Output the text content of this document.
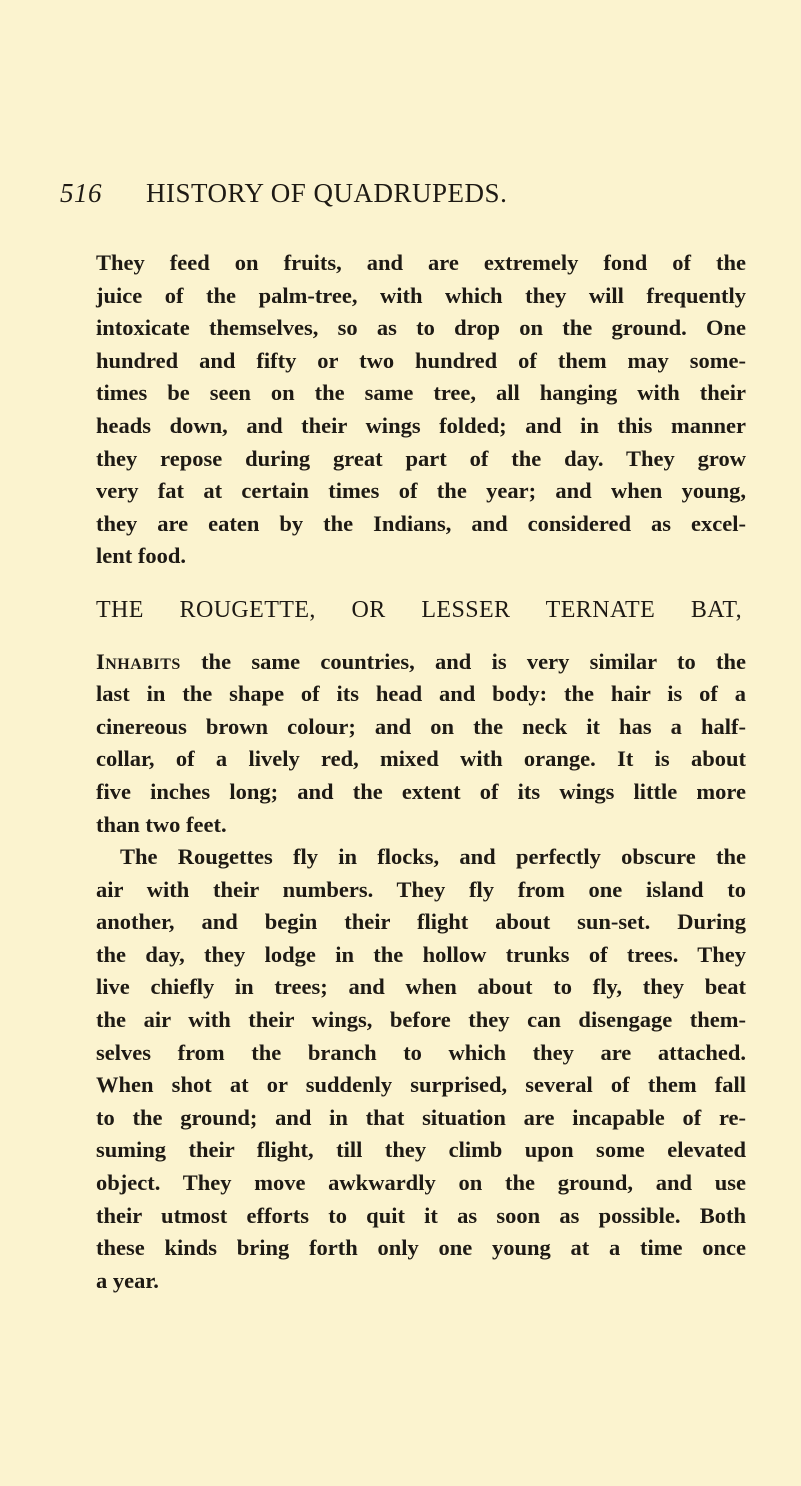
516 HISTORY OF QUADRUPEDS.
They feed on fruits, and are extremely fond of the
juice of the palm-tree, with which they will frequently
intoxicate themselves, so as to drop on the ground. One
hundred and fifty or two hundred of them may some-
times be seen on the same tree, all hanging with their
heads down, and their wings folded; and in this manner
they repose during great part of the day. They grow
very fat at certain times of the year; and when young,
they are eaten by the Indians, and considered as excel-
lent food.
THE ROUGETTE, OR LESSER TERNATE BAT,
Inhabits the same countries, and is very similar to the
last in the shape of its head and body: the hair is of a
cinereous brown colour; and on the neck it has a half-
collar, of a lively red, mixed with orange. It is about
five inches long; and the extent of its wings little more
than two feet.
The Rougettes fly in flocks, and perfectly obscure the
air with their numbers. They fly from one island to
another, and begin their flight about sun-set. During
the day, they lodge in the hollow trunks of trees. They
live chiefly in trees; and when about to fly, they beat
the air with their wings, before they can disengage them-
selves from the branch to which they are attached.
When shot at or suddenly surprised, several of them fall
to the ground; and in that situation are incapable of re-
suming their flight, till they climb upon some elevated
object. They move awkwardly on the ground, and use
their utmost efforts to quit it as soon as possible. Both
these kinds bring forth only one young at a time once
a year.
